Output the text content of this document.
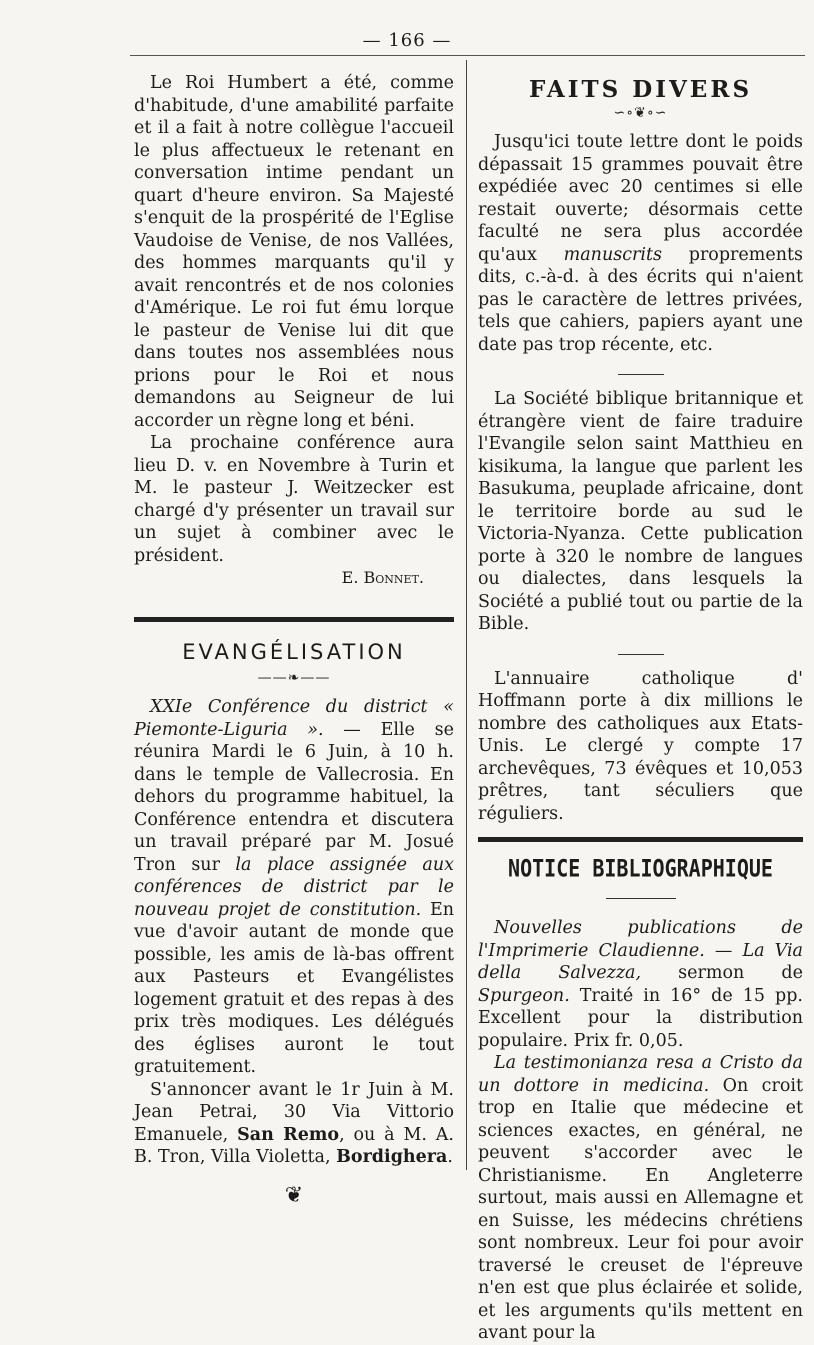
— 166 —

Le Roi Humbert a été, comme d'habitude, d'une amabilité parfaite et il a fait à notre collègue l'accueil le plus affectueux le retenant en conversation intime pendant un quart d'heure environ. Sa Majesté s'enquit de la prospérité de l'Eglise Vaudoise de Venise, de nos Vallées, des hommes marquants qu'il y avait rencontrés et de nos colonies d'Amérique. Le roi fut ému lorque le pasteur de Venise lui dit que dans toutes nos assemblées nous prions pour le Roi et nous demandons au Seigneur de lui accorder un règne long et béni.

La prochaine conférence aura lieu D. v. en Novembre à Turin et M. le pasteur J. Weitzecker est chargé d'y présenter un travail sur un sujet à combiner avec le président.

E. Bonnet.
EVANGÉLISATION
——❧——

XXIe Conférence du district « Piemonte-Liguria ». — Elle se réunira Mardi le 6 Juin, à 10 h. dans le temple de Vallecrosia. En dehors du programme habituel, la Conférence entendra et discutera un travail préparé par M. Josué Tron sur la place assignée aux conférences de district par le nouveau projet de constitution. En vue d'avoir autant de monde que possible, les amis de là-bas offrent aux Pasteurs et Evangélistes logement gratuit et des repas à des prix très modiques. Les délégués des églises auront le tout gratuitement.

S'annoncer avant le 1r Juin à M. Jean Petrai, 30 Via Vittorio Emanuele, San Remo, ou à M. A. B. Tron, Villa Violetta, Bordighera.

❦
FAITS DIVERS
∽∘❦∘∽

Jusqu'ici toute lettre dont le poids dépassait 15 grammes pouvait être expédiée avec 20 centimes si elle restait ouverte; désormais cette faculté ne sera plus accordée qu'aux manuscrits proprements dits, c.-à-d. à des écrits qui n'aient pas le caractère de lettres privées, tels que cahiers, papiers ayant une date pas trop récente, etc.

La Société biblique britannique et étrangère vient de faire traduire l'Evangile selon saint Matthieu en kisikuma, la langue que parlent les Basukuma, peuplade africaine, dont le territoire borde au sud le Victoria-Nyanza. Cette publication porte à 320 le nombre de langues ou dialectes, dans lesquels la Société a publié tout ou partie de la Bible.

L'annuaire catholique d' Hoffmann porte à dix millions le nombre des catholiques aux Etats-Unis. Le clergé y compte 17 archevêques, 73 évêques et 10,053 prêtres, tant séculiers que réguliers.

NOTICE BIBLIOGRAPHIQUE

Nouvelles publications de l'Imprimerie Claudienne. — La Via della Salvezza, sermon de Spurgeon. Traité in 16° de 15 pp. Excellent pour la distribution populaire. Prix fr. 0,05.

La testimonianza resa a Cristo da un dottore in medicina. On croit trop en Italie que médecine et sciences exactes, en général, ne peuvent s'accorder avec le Christianisme. En Angleterre surtout, mais aussi en Allemagne et en Suisse, les médecins chrétiens sont nombreux. Leur foi pour avoir traversé le creuset de l'épreuve n'en est que plus éclairée et solide, et les arguments qu'ils mettent en avant pour la
